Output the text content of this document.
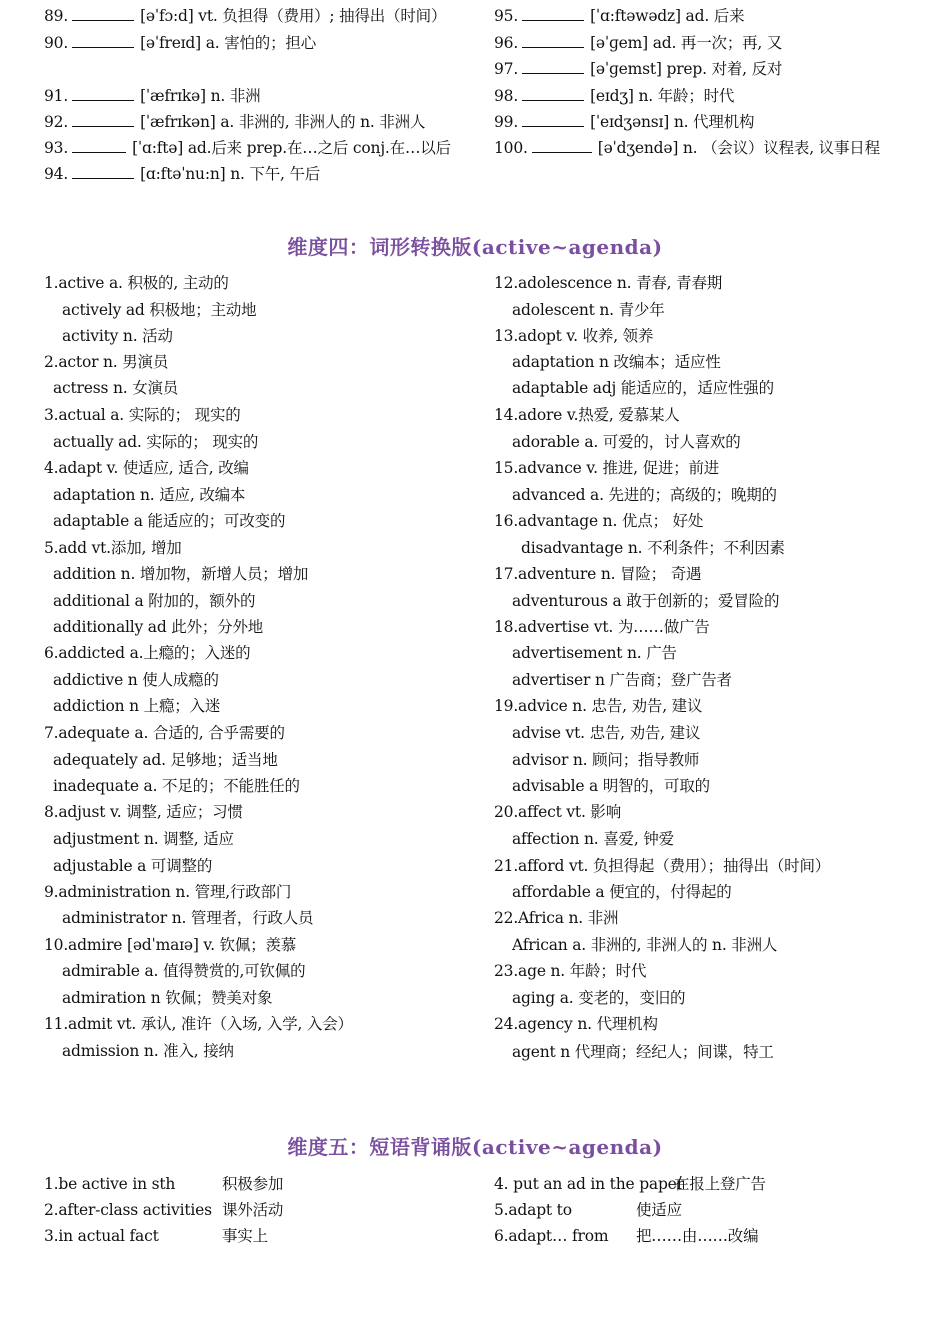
89.	[əˈfɔ:d] vt. 负担得（费用）; 抽得出（时间）
90.	[əˈfreɪd] a. 害怕的；担心
91.	[ˈæfrɪkə] n. 非洲
92.	[ˈæfrɪkən] a. 非洲的, 非洲人的 n. 非洲人
93.	[ˈɑ:ftə] ad.后来 prep.在…之后 conj.在…以后
94.	[ɑ:ftəˈnu:n] n. 下午, 午后
95.	[ˈɑ:ftəwədz] ad. 后来
96.	[əˈɡem] ad. 再一次；再, 又
97.	[əˈɡemst] prep. 对着, 反对
98.	[eɪdʒ] n. 年龄；时代
99.	[ˈeɪdʒənsɪ] n. 代理机构
100.	[əˈdʒendə] n. （会议）议程表, 议事日程
维度四：词形转换版(active~agenda)
1.active a. 积极的, 主动的
actively ad 积极地；主动地
activity n. 活动
2.actor n. 男演员
actress n. 女演员
3.actual a. 实际的； 现实的
actually ad. 实际的； 现实的
4.adapt v. 使适应, 适合, 改编
adaptation n. 适应, 改编本
adaptable a 能适应的；可改变的
5.add vt.添加, 增加
addition n. 增加物，新增人员；增加
additional a 附加的，额外的
additionally ad 此外；分外地
6.addicted a.上瘾的；入迷的
addictive n 使人成瘾的
addiction n 上瘾；入迷
7.adequate a. 合适的, 合乎需要的
adequately ad. 足够地；适当地
inadequate a. 不足的；不能胜任的
8.adjust v. 调整, 适应；习惯
adjustment n. 调整, 适应
adjustable a 可调整的
9.administration n. 管理,行政部门
administrator n. 管理者，行政人员
10.admire [ədˈmaɪə] v. 钦佩；羡慕
admirable a. 值得赞赏的,可钦佩的
admiration n 钦佩；赞美对象
11.admit vt. 承认, 准许（入场, 入学, 入会）
admission n. 准入, 接纳
12.adolescence n. 青春, 青春期
adolescent n. 青少年
13.adopt v. 收养, 领养
adaptation n 改编本；适应性
adaptable adj 能适应的，适应性强的
14.adore v.热爱, 爱慕某人
adorable a. 可爱的，讨人喜欢的
15.advance v. 推进, 促进；前进
advanced a. 先进的；高级的；晚期的
16.advantage n. 优点； 好处
disadvantage n. 不利条件；不利因素
17.adventure n. 冒险； 奇遇
adventurous a 敢于创新的；爱冒险的
18.advertise vt. 为……做广告
advertisement n. 广告
advertiser n 广告商；登广告者
19.advice n. 忠告, 劝告, 建议
advise vt. 忠告, 劝告, 建议
advisor n. 顾问；指导教师
advisable a 明智的，可取的
20.affect vt. 影响
affection n. 喜爱, 钟爱
21.afford vt. 负担得起（费用）；抽得出（时间）
affordable a 便宜的，付得起的
22.Africa n. 非洲
African a. 非洲的, 非洲人的 n. 非洲人
23.age n. 年龄；时代
aging a. 变老的，变旧的
24.agency n. 代理机构
agent n 代理商；经纪人；间谍，特工
维度五：短语背诵版(active~agenda)
1.be active in sth	积极参加
2.after-class activities 课外活动
3.in actual fact	事实上
4. put an ad in the paper在报上登广告
5.adapt to	使适应
6.adapt… from 把……由……改编
